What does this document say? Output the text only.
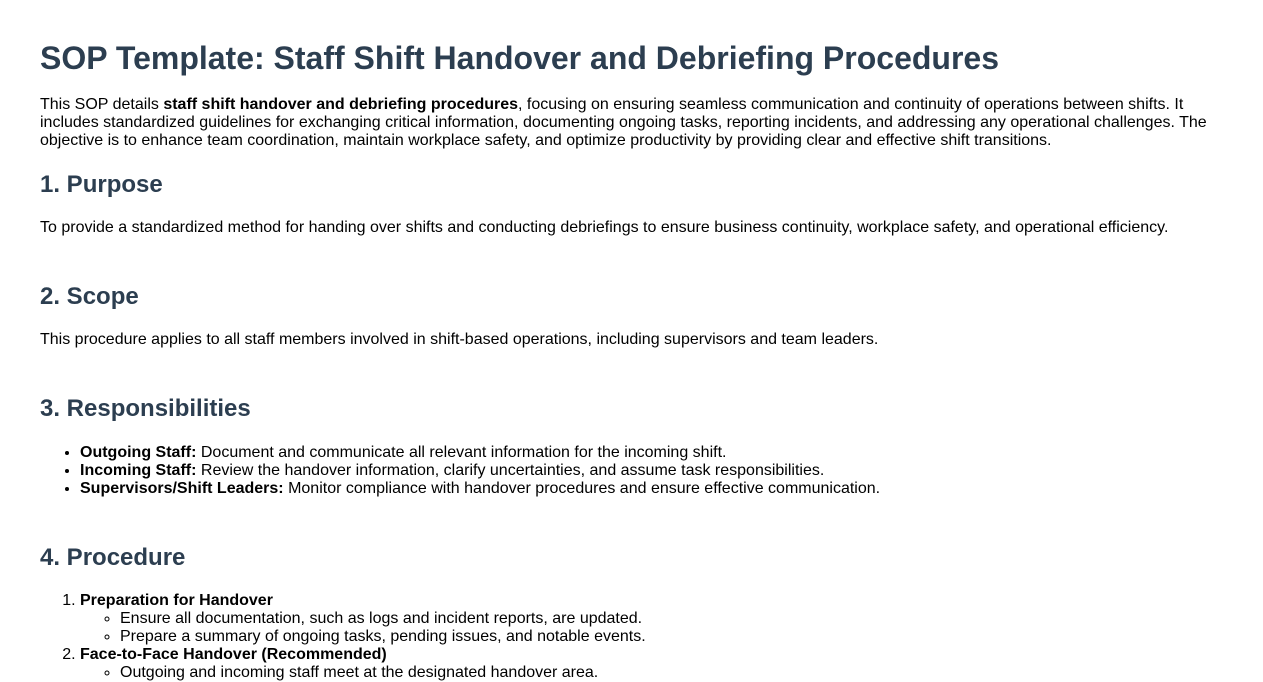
SOP Template: Staff Shift Handover and Debriefing Procedures

This SOP details staff shift handover and debriefing procedures, focusing on ensuring seamless communication and continuity of operations between shifts. It includes standardized guidelines for exchanging critical information, documenting ongoing tasks, reporting incidents, and addressing any operational challenges. The objective is to enhance team coordination, maintain workplace safety, and optimize productivity by providing clear and effective shift transitions.

1. Purpose

To provide a standardized method for handing over shifts and conducting debriefings to ensure business continuity, workplace safety, and operational efficiency.

2. Scope

This procedure applies to all staff members involved in shift-based operations, including supervisors and team leaders.

3. Responsibilities
• Outgoing Staff: Document and communicate all relevant information for the incoming shift.
• Incoming Staff: Review the handover information, clarify uncertainties, and assume task responsibilities.
• Supervisors/Shift Leaders: Monitor compliance with handover procedures and ensure effective communication.
4. Procedure
1. Preparation for Handover
◦ Ensure all documentation, such as logs and incident reports, are updated.
◦ Prepare a summary of ongoing tasks, pending issues, and notable events.
2. Face-to-Face Handover (Recommended)
◦ Outgoing and incoming staff meet at the designated handover area.
